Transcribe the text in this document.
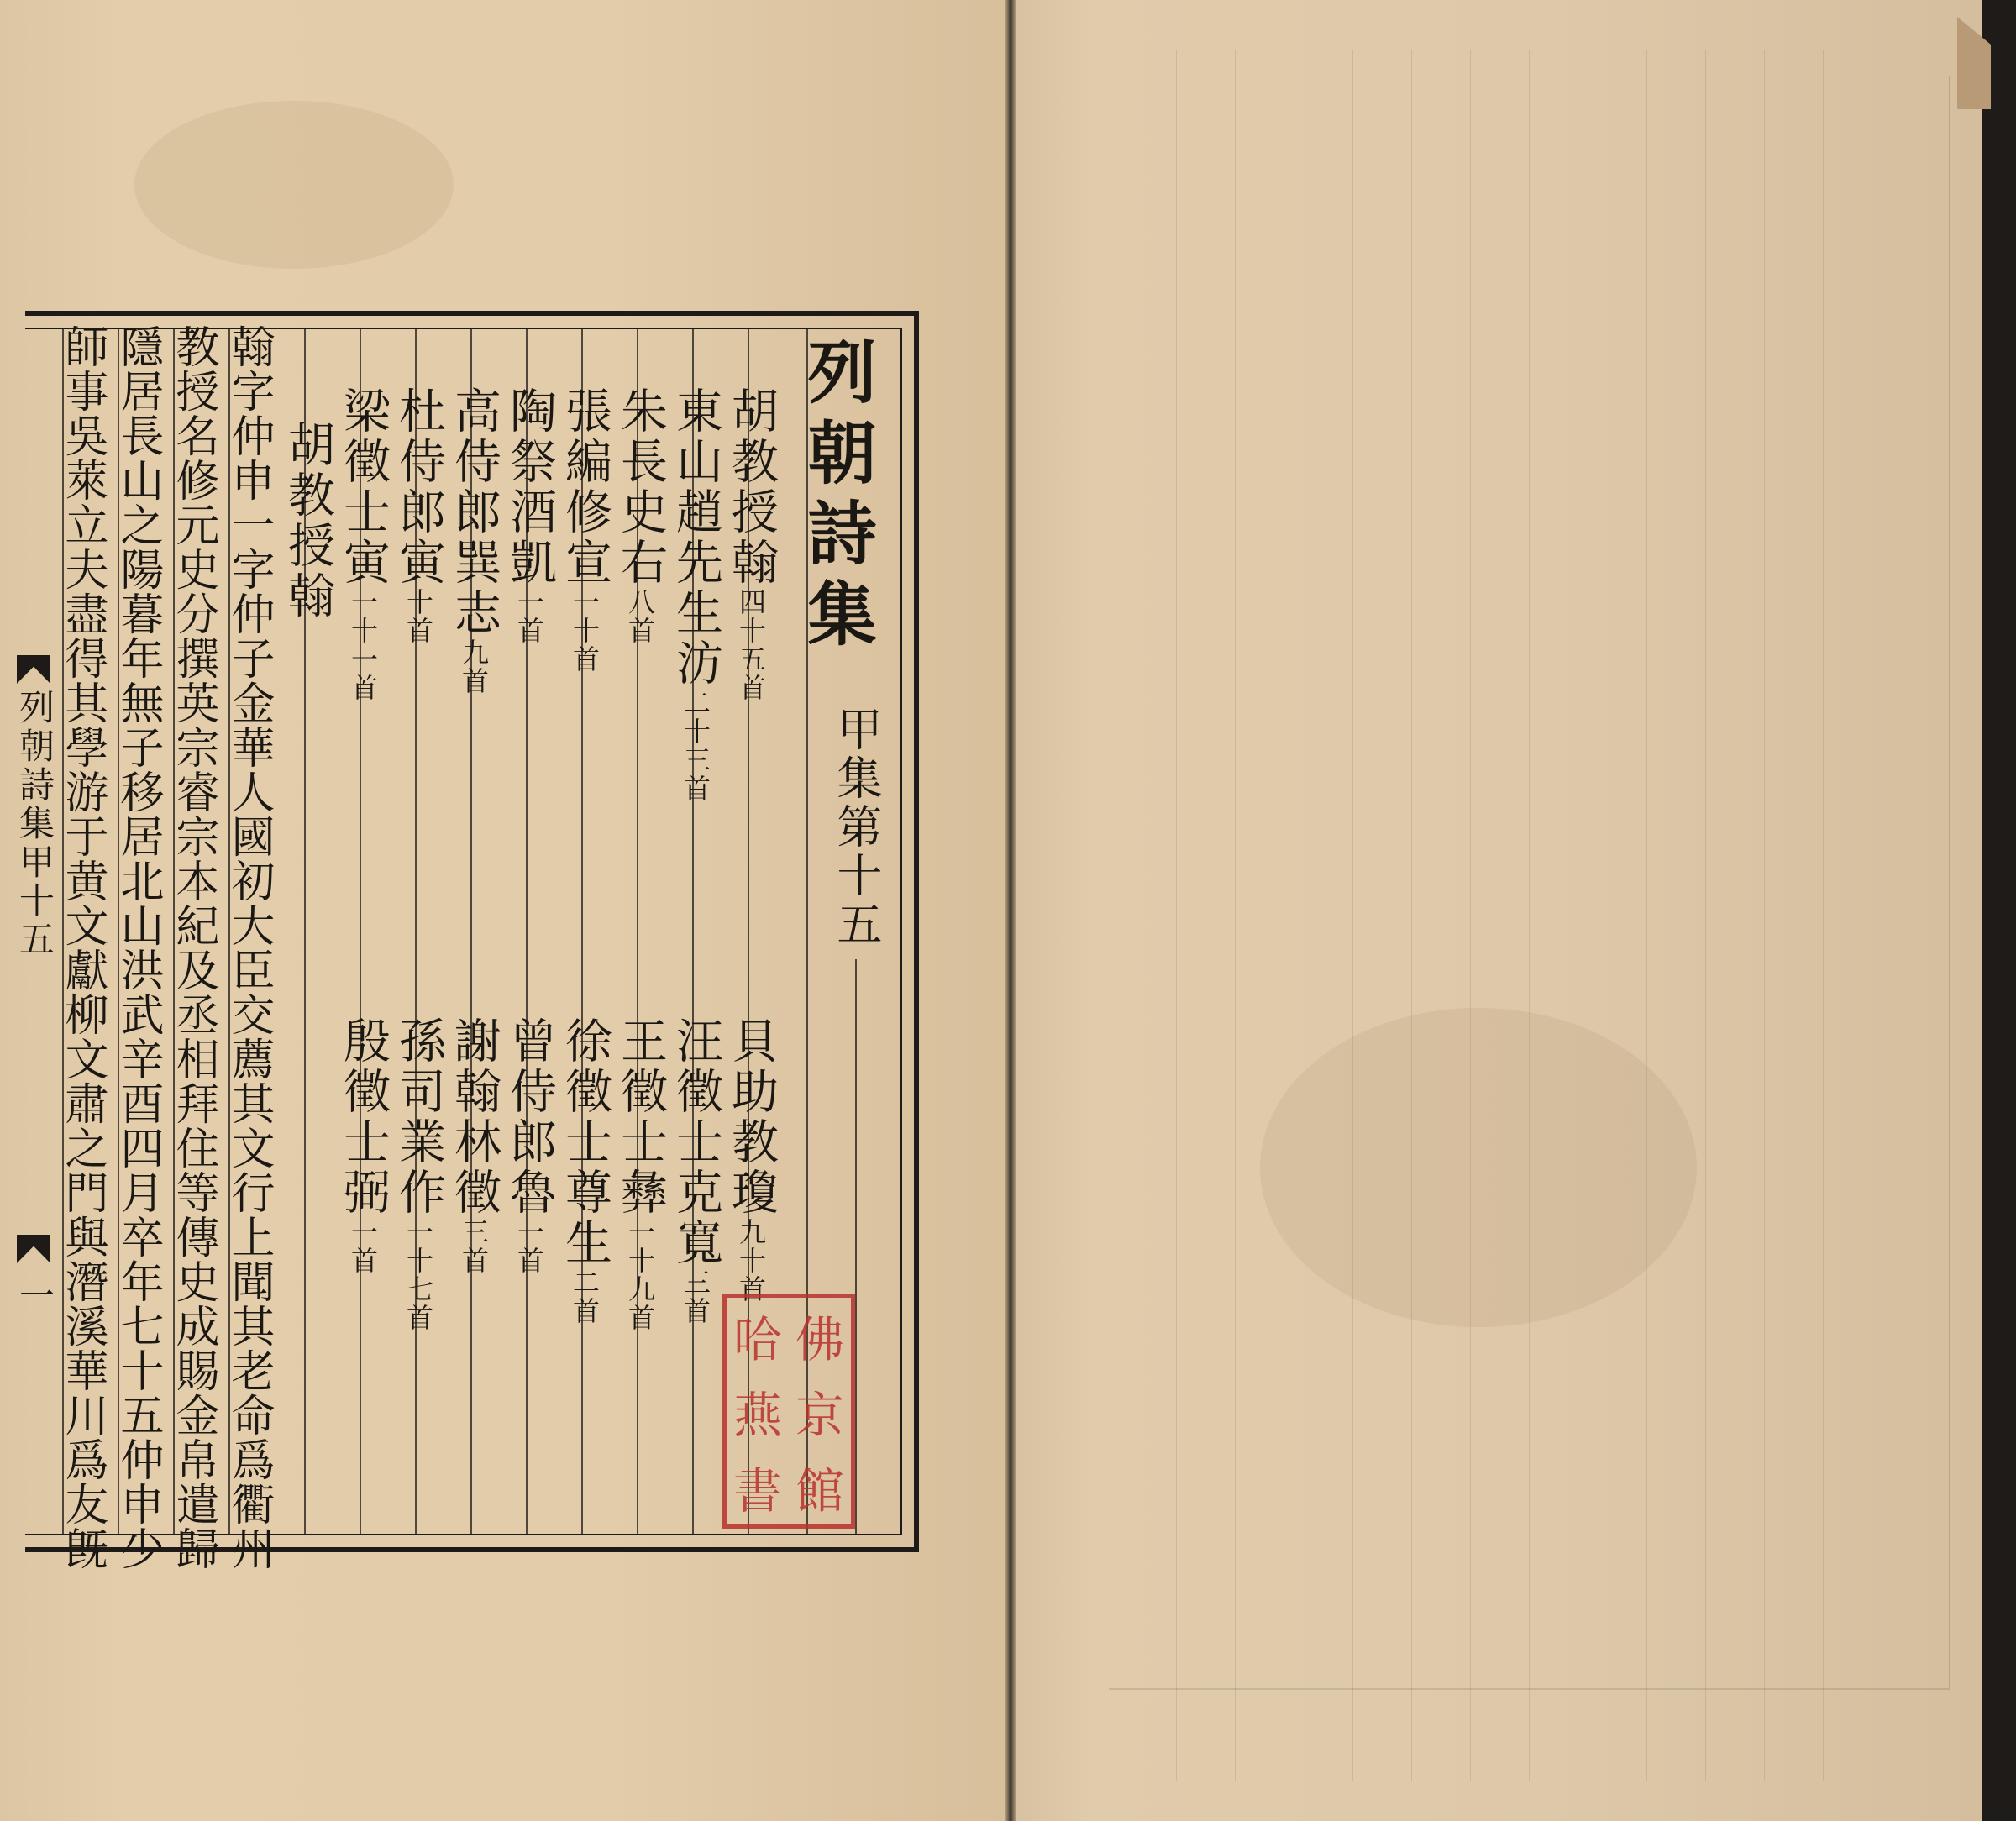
列朝詩集甲十五
一
列朝詩集
甲集第十五
胡教授翰四十五首
東山趙先生汸二十三首
朱長史右八首
張編修宣一十首
陶祭酒凱一首
高侍郎巽志九首
杜侍郎寅十首
梁徵士寅一十一首
貝助教瓊九十首
汪徵士克寬三首
王徵士彝一十九首
徐徵士尊生二首
曾侍郎魯一首
謝翰林徵三首
孫司業作一十七首
殷徵士弼一首
胡教授翰
翰字仲申一字仲子金華人國初大臣交薦其文行上聞其老命爲衢州
教授名修元史分撰英宗睿宗本紀及丞相拜住等傳史成賜金帛遣歸
隱居長山之陽暮年無子移居北山洪武辛酉四月卒年七十五仲申少
師事吳萊立夫盡得其學游于黄文獻柳文肅之門與潛溪華川爲友旣	哈 佛
燕 京
書 館
